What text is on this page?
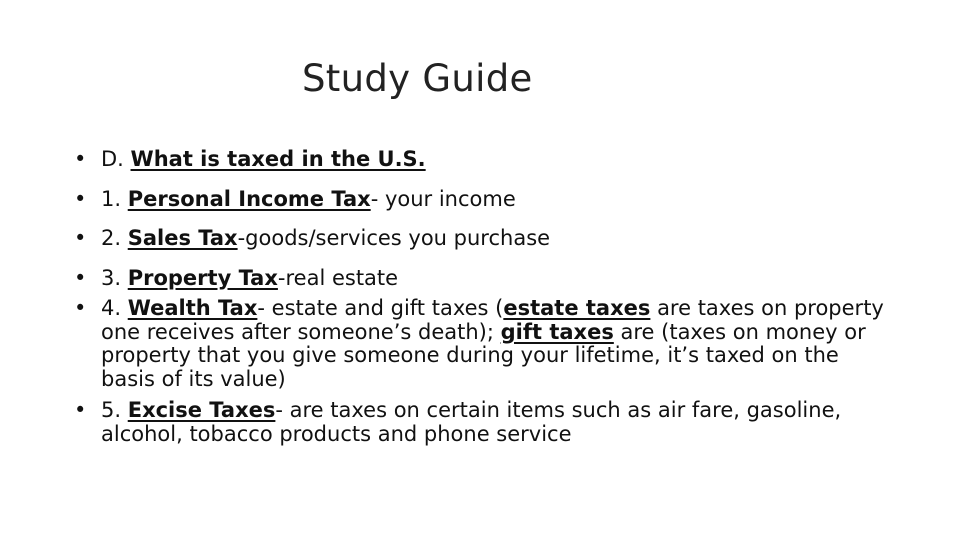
Study Guide
• D. What is taxed in the U.S.
• 1. Personal Income Tax- your income
• 2. Sales Tax-goods/services you purchase
• 3. Property Tax-real estate
• 4. Wealth Tax- estate and gift taxes (estate taxes are taxes on property one receives after someone’s death); gift taxes are (taxes on money or property that you give someone during your lifetime, it’s taxed on the basis of its value)
• 5. Excise Taxes- are taxes on certain items such as air fare, gasoline, alcohol, tobacco products and phone service
